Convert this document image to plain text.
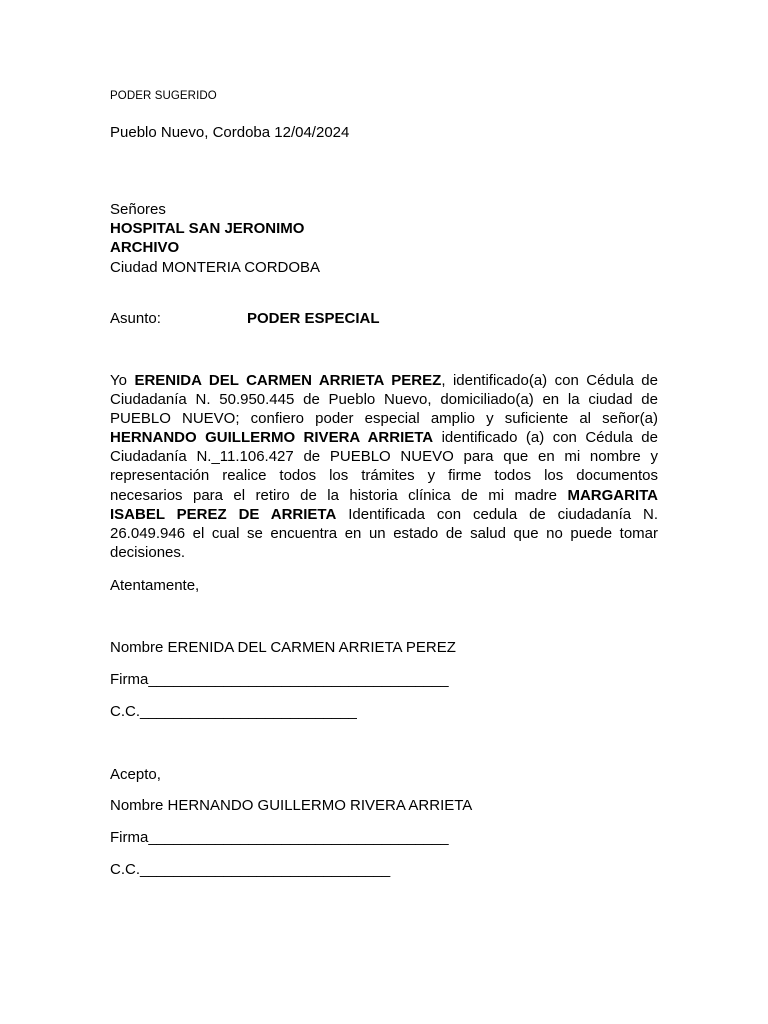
PODER SUGERIDO
Pueblo Nuevo, Cordoba 12/04/2024
Señores
HOSPITAL SAN JERONIMO
ARCHIVO
Ciudad MONTERIA CORDOBA
Asunto:	PODER ESPECIAL
Yo ERENIDA DEL CARMEN ARRIETA PEREZ, identificado(a) con Cédula de
Ciudadanía N. 50.950.445 de Pueblo Nuevo, domiciliado(a) en la ciudad de
PUEBLO NUEVO; confiero poder especial amplio y suficiente al señor(a)
HERNANDO GUILLERMO RIVERA ARRIETA identificado (a) con Cédula de
Ciudadanía N._11.106.427 de PUEBLO NUEVO para que en mi nombre y
representación realice todos los trámites y firme todos los documentos
necesarios para el retiro de la historia clínica de mi madre MARGARITA
ISABEL PEREZ DE ARRIETA Identificada con cedula de ciudadanía N.
26.049.946 el cual se encuentra en un estado de salud que no puede tomar
decisiones.
Atentamente,
Nombre ERENIDA DEL CARMEN ARRIETA PEREZ
Firma____________________________________
C.C.__________________________
Acepto,
Nombre HERNANDO GUILLERMO RIVERA ARRIETA
Firma____________________________________
C.C.______________________________
